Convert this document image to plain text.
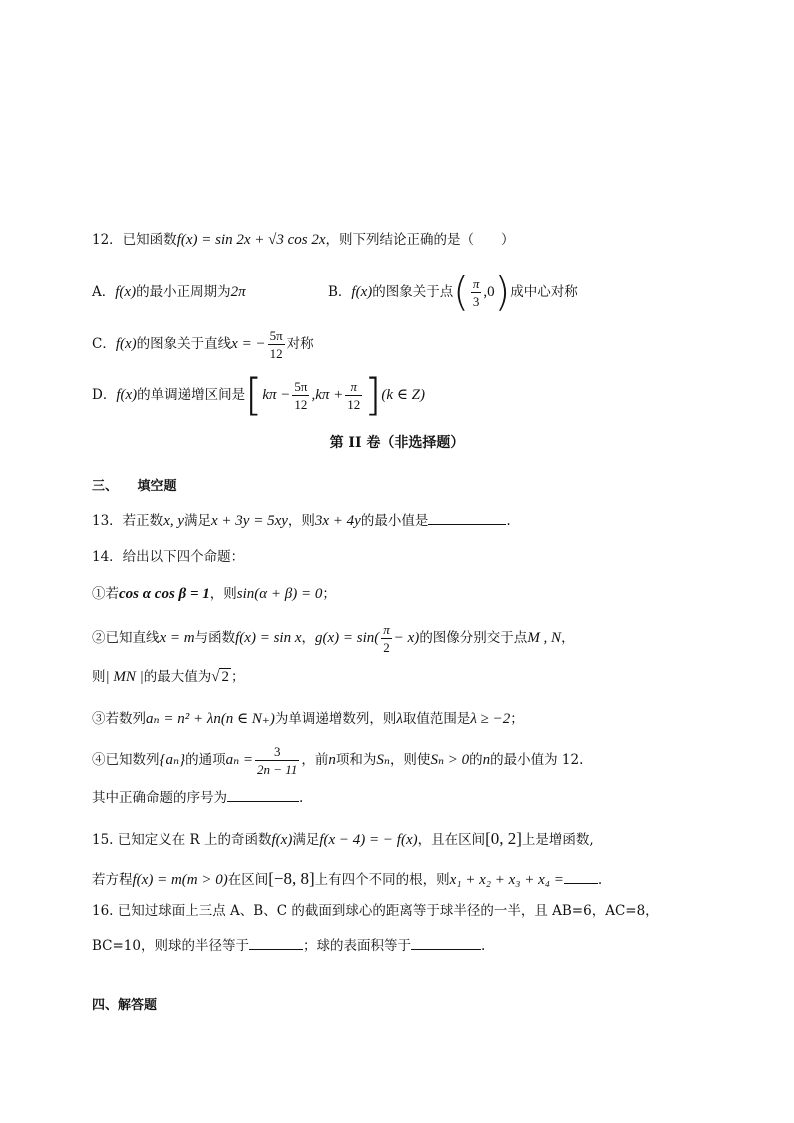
12．已知函数f(x) = sin 2x + √3 cos 2x，则下列结论正确的是（　　）
A．f(x)的最小正周期为2π	B．f(x)的图象关于点( $\frac{\pi}{3} ,0$)成中心对称
C．f(x)的图象关于直线x = − $\frac{5\pi}{12}$ 对称
D．f(x)的单调递增区间是$[k\pi - \frac{5\pi}{12} ,k\pi + \frac{\pi}{12} ](k$ ∈ Z)
第 II 卷（非选择题）
三、　　填空题
13．若正数x, y满足x + 3y = 5xy，则3x + 4y的最小值是	.
14．给出以下四个命题：
①若cos α cos β = 1，则sin(α + β) = 0；
②已知直线x = m与函数f(x) = sin x，$g(x) = \sin( \frac{\pi}{2} - x)$的图像分别交于点M , N，
则| MN |的最大值为√ 2 ；
③若数列aₙ = n² + λn(n ∈ N₊)为单调递增数列，则λ取值范围是λ ≥ −2；
④已知数列{aₙ}的通项$a_n = \frac{3}{2n - 11}$ ，前n项和为Sₙ，则使Sₙ > 0的n的最小值为 12.
其中正确命题的序号为	.
15. 已知定义在 R 上的奇函数f(x)满足f(x − 4) = − f(x)，且在区间[0, 2]上是增函数,
若方程f(x) = m(m > 0)在区间[−8, 8]上有四个不同的根，则x₁ + x₂ + x₃ + x₄ =	.
16. 已知过球面上三点 A、B、C 的截面到球心的距离等于球半径的一半，且 AB=6，AC=8，
BC=10，则球的半径等于	；球的表面积等于	.
四、解答题
